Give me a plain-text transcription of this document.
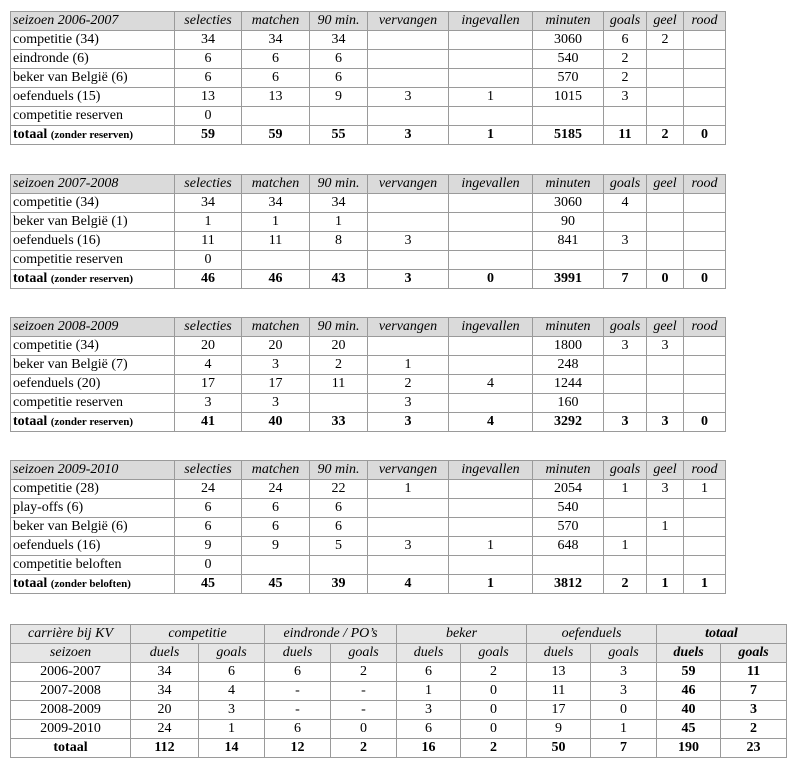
seizoen 2006-2007	selecties	matchen	90 min.	vervangen	ingevallen	minuten	goals	geel	rood
competitie (34)	34	34	34			3060	6	2	
eindronde (6)	6	6	6			540	2		
beker van België (6)	6	6	6			570	2		
oefenduels (15)	13	13	9	3	1	1015	3		
competitie reserven	0								
totaal (zonder reserven)	59	59	55	3	1	5185	11	2	0
seizoen 2007-2008	selecties	matchen	90 min.	vervangen	ingevallen	minuten	goals	geel	rood
competitie (34)	34	34	34			3060	4		
beker van België (1)	1	1	1			90			
oefenduels (16)	11	11	8	3		841	3		
competitie reserven	0								
totaal (zonder reserven)	46	46	43	3	0	3991	7	0	0
seizoen 2008-2009	selecties	matchen	90 min.	vervangen	ingevallen	minuten	goals	geel	rood
competitie (34)	20	20	20			1800	3	3	
beker van België (7)	4	3	2	1		248			
oefenduels (20)	17	17	11	2	4	1244			
competitie reserven	3	3		3		160			
totaal (zonder reserven)	41	40	33	3	4	3292	3	3	0
seizoen 2009-2010	selecties	matchen	90 min.	vervangen	ingevallen	minuten	goals	geel	rood
competitie (28)	24	24	22	1		2054	1	3	1
play-offs (6)	6	6	6			540			
beker van België (6)	6	6	6			570		1	
oefenduels (16)	9	9	5	3	1	648	1		
competitie beloften	0								
totaal (zonder beloften)	45	45	39	4	1	3812	2	1	1
carrière bij KV	competitie		eindronde / PO’s		beker		oefenduels		totaal	
seizoen	duels	goals	duels	goals	duels	goals	duels	goals	duels	goals
2006-2007	34	6	6	2	6	2	13	3	59	11
2007-2008	34	4	-	-	1	0	11	3	46	7
2008-2009	20	3	-	-	3	0	17	0	40	3
2009-2010	24	1	6	0	6	0	9	1	45	2
totaal	112	14	12	2	16	2	50	7	190	23
